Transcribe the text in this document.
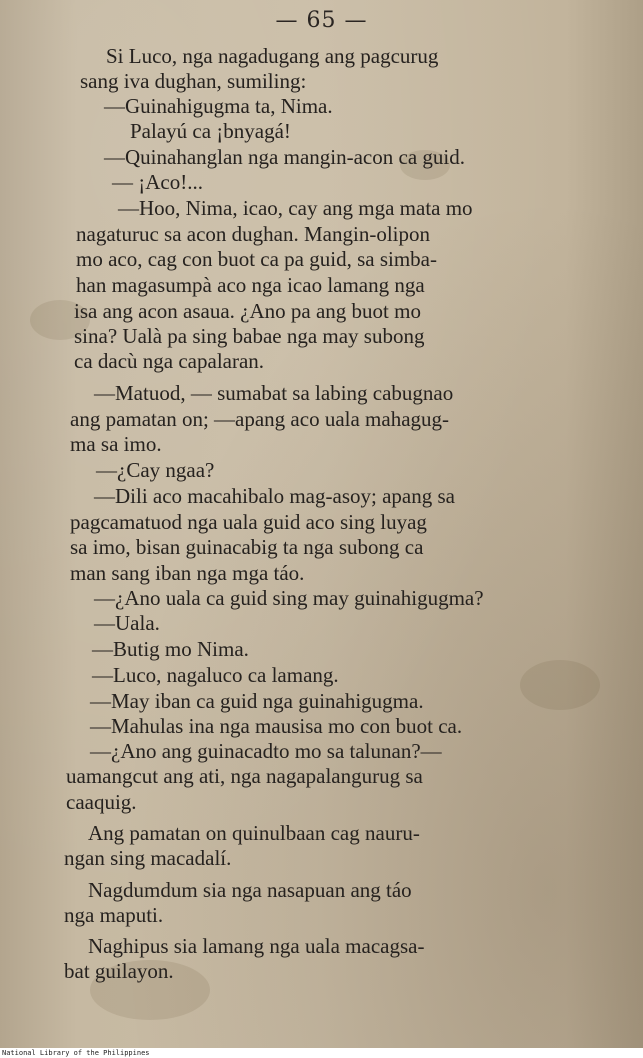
— 65 —
Si Luco, nga nagadugang ang pagcurug
sang iva dughan, sumiling:
—Guinahigugma ta, Nima.
Palayú ca ¡bnyagá!
—Quinahanglan nga mangin-acon ca guid.
— ¡Aco!...
—Hoo, Nima, icao, cay ang mga mata mo
nagaturuc sa acon dughan. Mangin-olipon
mo aco, cag con buot ca pa guid, sa simba-
han magasumpà aco nga icao lamang nga
isa ang acon asaua. ¿Ano pa ang buot mo
sina? Ualà pa sing babae nga may subong
ca dacù nga capalaran.
—Matuod, — sumabat sa labing cabugnao
ang pamatan on; —apang aco uala mahagug-
ma sa imo.
—¿Cay ngaa?
—Dili aco macahibalo mag-asoy; apang sa
pagcamatuod nga uala guid aco sing luyag
sa imo, bisan guinacabig ta nga subong ca
man sang iban nga mga táo.
—¿Ano uala ca guid sing may guinahigugma?
—Uala.
—Butig mo Nima.
—Luco, nagaluco ca lamang.
—May iban ca guid nga guinahigugma.
—Mahulas ina nga mausisa mo con buot ca.
—¿Ano ang guinacadto mo sa talunan?—
uamangcut ang ati, nga nagapalangurug sa
caaquig.
Ang pamatan on quinulbaan cag nauru-
ngan sing macadalí.
Nagdumdum sia nga nasapuan ang táo
nga maputi.
Naghipus sia lamang nga uala macagsa-
bat guilayon.
National Library of the Philippines
